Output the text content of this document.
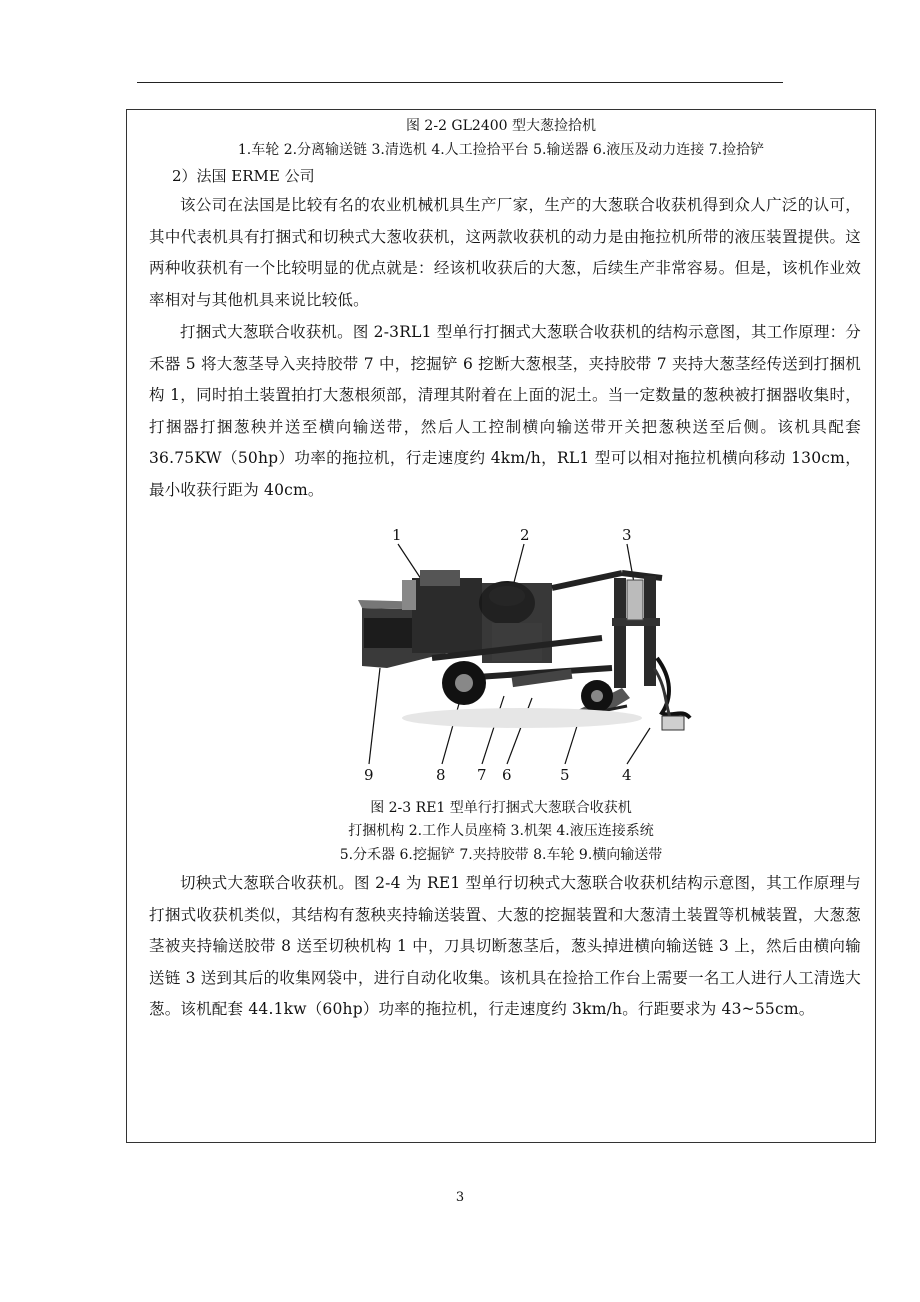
图 2-2 GL2400 型大葱捡拾机
1.车轮 2.分离输送链 3.清选机 4.人工捡拾平台 5.输送器 6.液压及动力连接 7.捡拾铲
2）法国 ERME 公司

该公司在法国是比较有名的农业机械机具生产厂家，生产的大葱联合收获机得到众人广泛的认可，其中代表机具有打捆式和切秧式大葱收获机，这两款收获机的动力是由拖拉机所带的液压装置提供。这两种收获机有一个比较明显的优点就是：经该机收获后的大葱，后续生产非常容易。但是，该机作业效率相对与其他机具来说比较低。

打捆式大葱联合收获机。图 2-3RL1 型单行打捆式大葱联合收获机的结构示意图，其工作原理：分禾器 5 将大葱茎导入夹持胶带 7 中，挖掘铲 6 挖断大葱根茎，夹持胶带 7 夹持大葱茎经传送到打捆机构 1，同时拍土装置拍打大葱根须部，清理其附着在上面的泥土。当一定数量的葱秧被打捆器收集时，打捆器打捆葱秧并送至横向输送带，然后人工控制横向输送带开关把葱秧送至后侧。该机具配套 36.75KW（50hp）功率的拖拉机，行走速度约 4km/h，RL1 型可以相对拖拉机横向移动 130cm，最小收获行距为 40cm。

1	2	3
9	8 7 6	5	4
图 2-3 RE1 型单行打捆式大葱联合收获机
打捆机构 2.工作人员座椅 3.机架 4.液压连接系统
5.分禾器 6.挖掘铲 7.夹持胶带 8.车轮 9.横向输送带

切秧式大葱联合收获机。图 2-4 为 RE1 型单行切秧式大葱联合收获机结构示意图，其工作原理与打捆式收获机类似，其结构有葱秧夹持输送装置、大葱的挖掘装置和大葱清土装置等机械装置，大葱葱茎被夹持输送胶带 8 送至切秧机构 1 中，刀具切断葱茎后，葱头掉进横向输送链 3 上，然后由横向输送链 3 送到其后的收集网袋中，进行自动化收集。该机具在捡拾工作台上需要一名工人进行人工清选大葱。该机配套 44.1kw（60hp）功率的拖拉机，行走速度约 3km/h。行距要求为 43~55cm。

3
